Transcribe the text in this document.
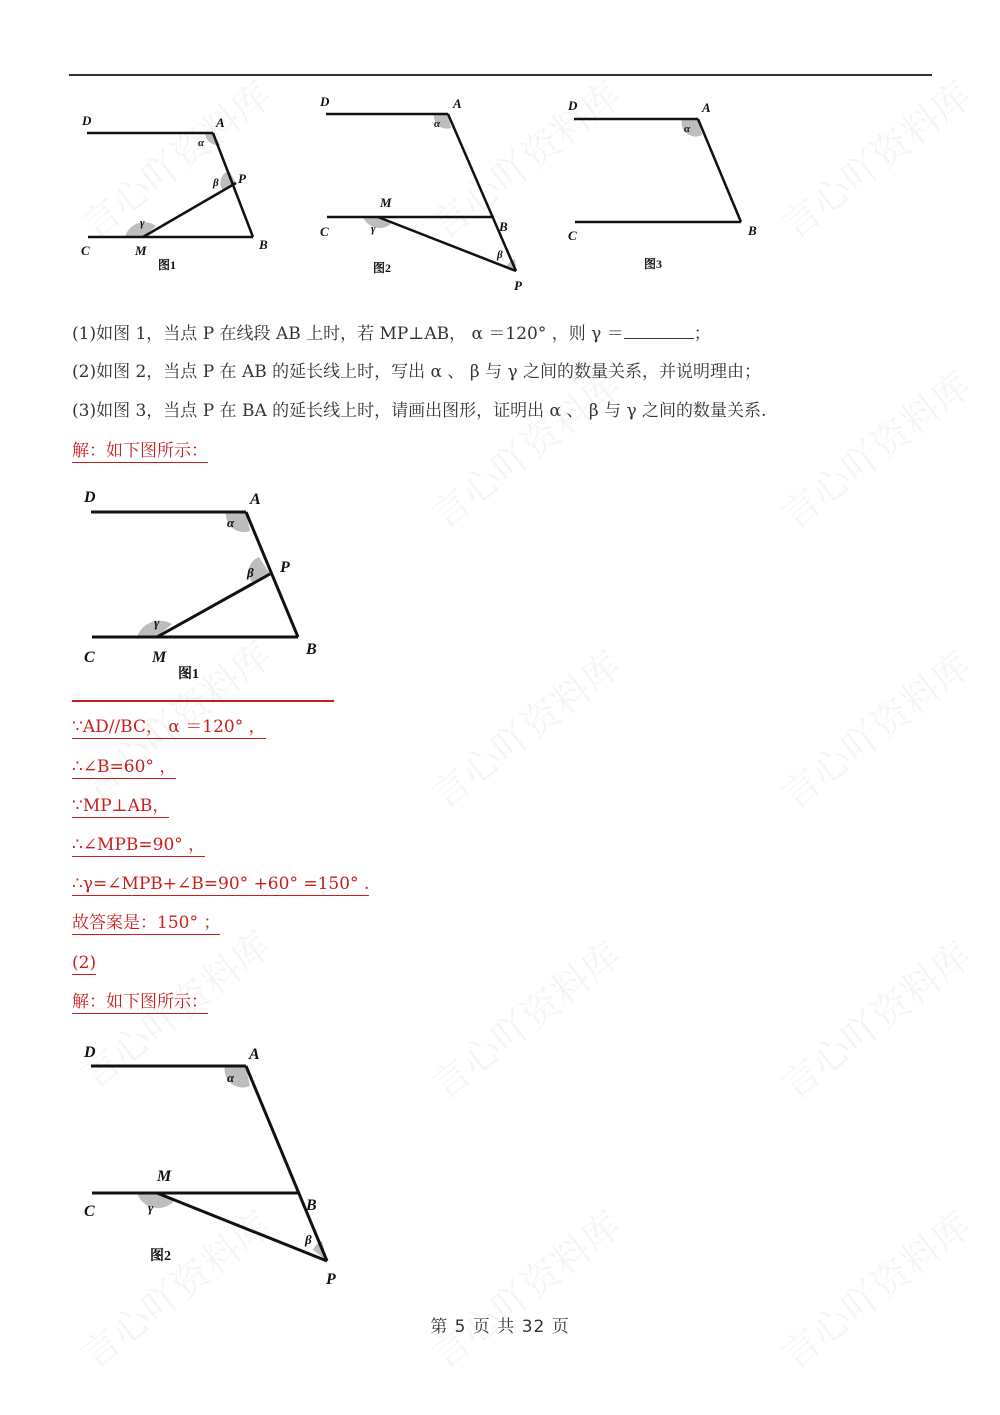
D	A
P
C	M	B
α
β
γ
图1
D	A
M
C	B
P
α
β
γ
图2
D	A
C	B
α
图3
(1)如图 1，当点 P 在线段 AB 上时，若 MP⊥AB， α ＝120° ，则 γ ＝	；
(2)如图 2，当点 P 在 AB 的延长线上时，写出 α 、 β 与 γ 之间的数量关系，并说明理由；
(3)如图 3，当点 P 在 BA 的延长线上时，请画出图形，证明出 α 、 β 与 γ 之间的数量关系.
解：如下图所示：
D	A
P
C	M	B
α
β
γ
图1
∵AD//BC， α ＝120° ，
∴∠B=60° ，
∵MP⊥AB，
∴∠MPB=90° ，
∴γ=∠MPB+∠B=90° +60° =150° .
故答案是：150° ；
(2)
解：如下图所示：
D	A
M
C	B
P
α
β
γ
图2
第 5 页 共 32 页
